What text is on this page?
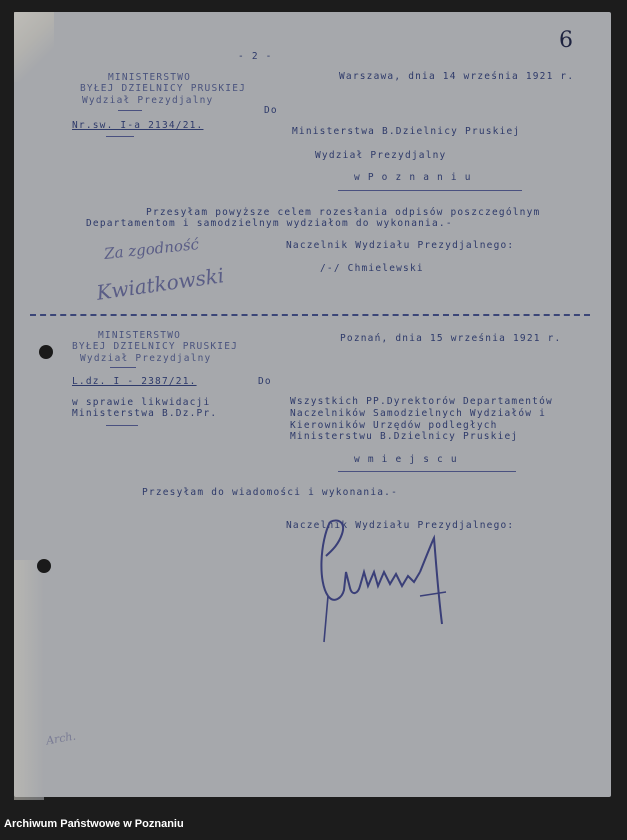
6
- 2 -
MINISTERSTWO
BYŁEJ DZIELNICY PRUSKIEJ
Wydział Prezydjalny
Nr.sw. I-a 2134/21.
Warszawa, dnia 14 września 1921 r.
Do
Ministerstwa B.Dzielnicy Pruskiej
Wydział Prezydjalny
w P o z n a n i u
Przesyłam powyższe celem rozesłania odpisów poszczególnym
Departamentom i samodzielnym wydziałom do wykonania.-
Naczelnik Wydziału Prezydjalnego:
/-/ Chmielewski
Za zgodność
Kwiatkowski
MINISTERSTWO
BYŁEJ DZIELNICY PRUSKIEJ
Wydział Prezydjalny
L.dz. I - 2387/21.
Poznań, dnia 15 września 1921 r.
Do
w sprawie likwidacji
Ministerstwa B.Dz.Pr.
Wszystkich PP.Dyrektorów Departamentów
Naczelników Samodzielnych Wydziałów i
Kierowników Urzędów podległych
Ministerstwu B.Dzielnicy Pruskiej
w m i e j s c u
Przesyłam do wiadomości i wykonania.-
Naczelnik Wydziału Prezydjalnego:
Arch.
Archiwum Państwowe w Poznaniu
